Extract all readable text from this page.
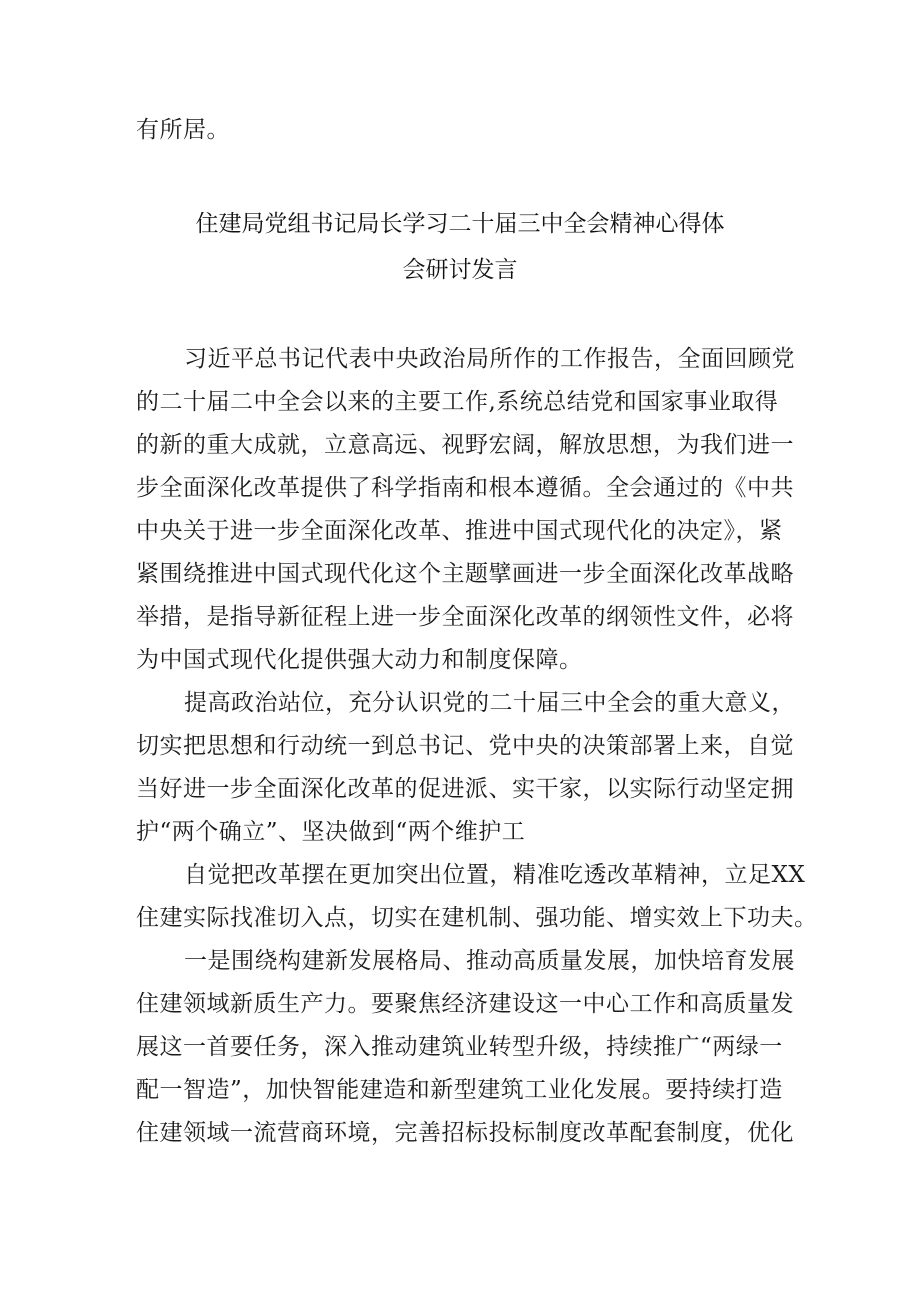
有所居。
住建局党组书记局长学习二十届三中全会精神心得体
会研讨发言
习近平总书记代表中央政治局所作的工作报告，全面回顾党
的二十届二中全会以来的主要工作,系统总结党和国家事业取得
的新的重大成就，立意高远、视野宏阔，解放思想，为我们进一
步全面深化改革提供了科学指南和根本遵循。全会通过的《中共
中央关于进一步全面深化改革、推进中国式现代化的决定》，紧
紧围绕推进中国式现代化这个主题擘画进一步全面深化改革战略
举措，是指导新征程上进一步全面深化改革的纲领性文件，必将
为中国式现代化提供强大动力和制度保障。
提高政治站位，充分认识党的二十届三中全会的重大意义，
切实把思想和行动统一到总书记、党中央的决策部署上来，自觉
当好进一步全面深化改革的促进派、实干家，以实际行动坚定拥
护“两个确立”、坚决做到“两个维护工
自觉把改革摆在更加突出位置，精准吃透改革精神，立足XX
住建实际找准切入点，切实在建机制、强功能、增实效上下功夫。
一是围绕构建新发展格局、推动高质量发展，加快培育发展
住建领域新质生产力。要聚焦经济建设这一中心工作和高质量发
展这一首要任务，深入推动建筑业转型升级，持续推广“两绿一
配一智造”，加快智能建造和新型建筑工业化发展。要持续打造
住建领域一流营商环境，完善招标投标制度改革配套制度，优化
